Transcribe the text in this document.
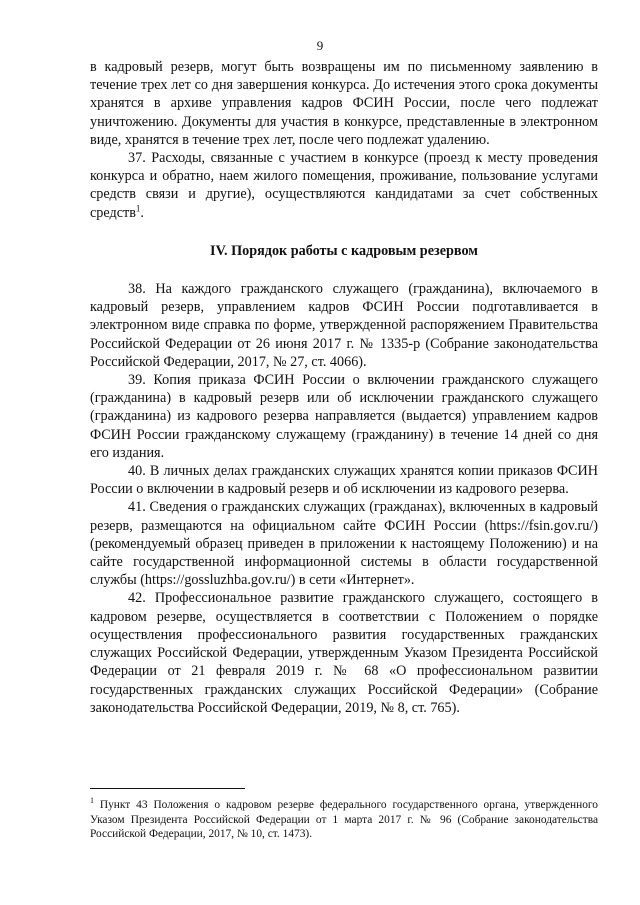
9

в кадровый резерв, могут быть возвращены им по письменному заявлению в течение трех лет со дня завершения конкурса. До истечения этого срока документы хранятся в архиве управления кадров ФСИН России, после чего подлежат уничтожению. Документы для участия в конкурсе, представленные в электронном виде, хранятся в течение трех лет, после чего подлежат удалению.

37. Расходы, связанные с участием в конкурсе (проезд к месту проведения конкурса и обратно, наем жилого помещения, проживание, пользование услугами средств связи и другие), осуществляются кандидатами за счет собственных средств$^1$.

IV. Порядок работы с кадровым резервом

38. На каждого гражданского служащего (гражданина), включаемого в кадровый резерв, управлением кадров ФСИН России подготавливается в электронном виде справка по форме, утвержденной распоряжением Правительства Российской Федерации от 26 июня 2017 г. № 1335-р (Собрание законодательства Российской Федерации, 2017, № 27, ст. 4066).

39. Копия приказа ФСИН России о включении гражданского служащего (гражданина) в кадровый резерв или об исключении гражданского служащего (гражданина) из кадрового резерва направляется (выдается) управлением кадров ФСИН России гражданскому служащему (гражданину) в течение 14 дней со дня его издания.

40. В личных делах гражданских служащих хранятся копии приказов ФСИН России о включении в кадровый резерв и об исключении из кадрового резерва.

41. Сведения о гражданских служащих (гражданах), включенных в кадровый резерв, размещаются на официальном сайте ФСИН России (https://fsin.gov.ru/) (рекомендуемый образец приведен в приложении к настоящему Положению) и на сайте государственной информационной системы в области государственной службы (https://gossluzhba.gov.ru/) в сети «Интернет».

42. Профессиональное развитие гражданского служащего, состоящего в кадровом резерве, осуществляется в соответствии с Положением о порядке осуществления профессионального развития государственных гражданских служащих Российской Федерации, утвержденным Указом Президента Российской Федерации от 21 февраля 2019 г. № 68 «О профессиональном развитии государственных гражданских служащих Российской Федерации» (Собрание законодательства Российской Федерации, 2019, № 8, ст. 765).

$^1$ Пункт 43 Положения о кадровом резерве федерального государственного органа, утвержденного Указом Президента Российской Федерации от 1 марта 2017 г. № 96 (Собрание законодательства Российской Федерации, 2017, № 10, ст. 1473).
